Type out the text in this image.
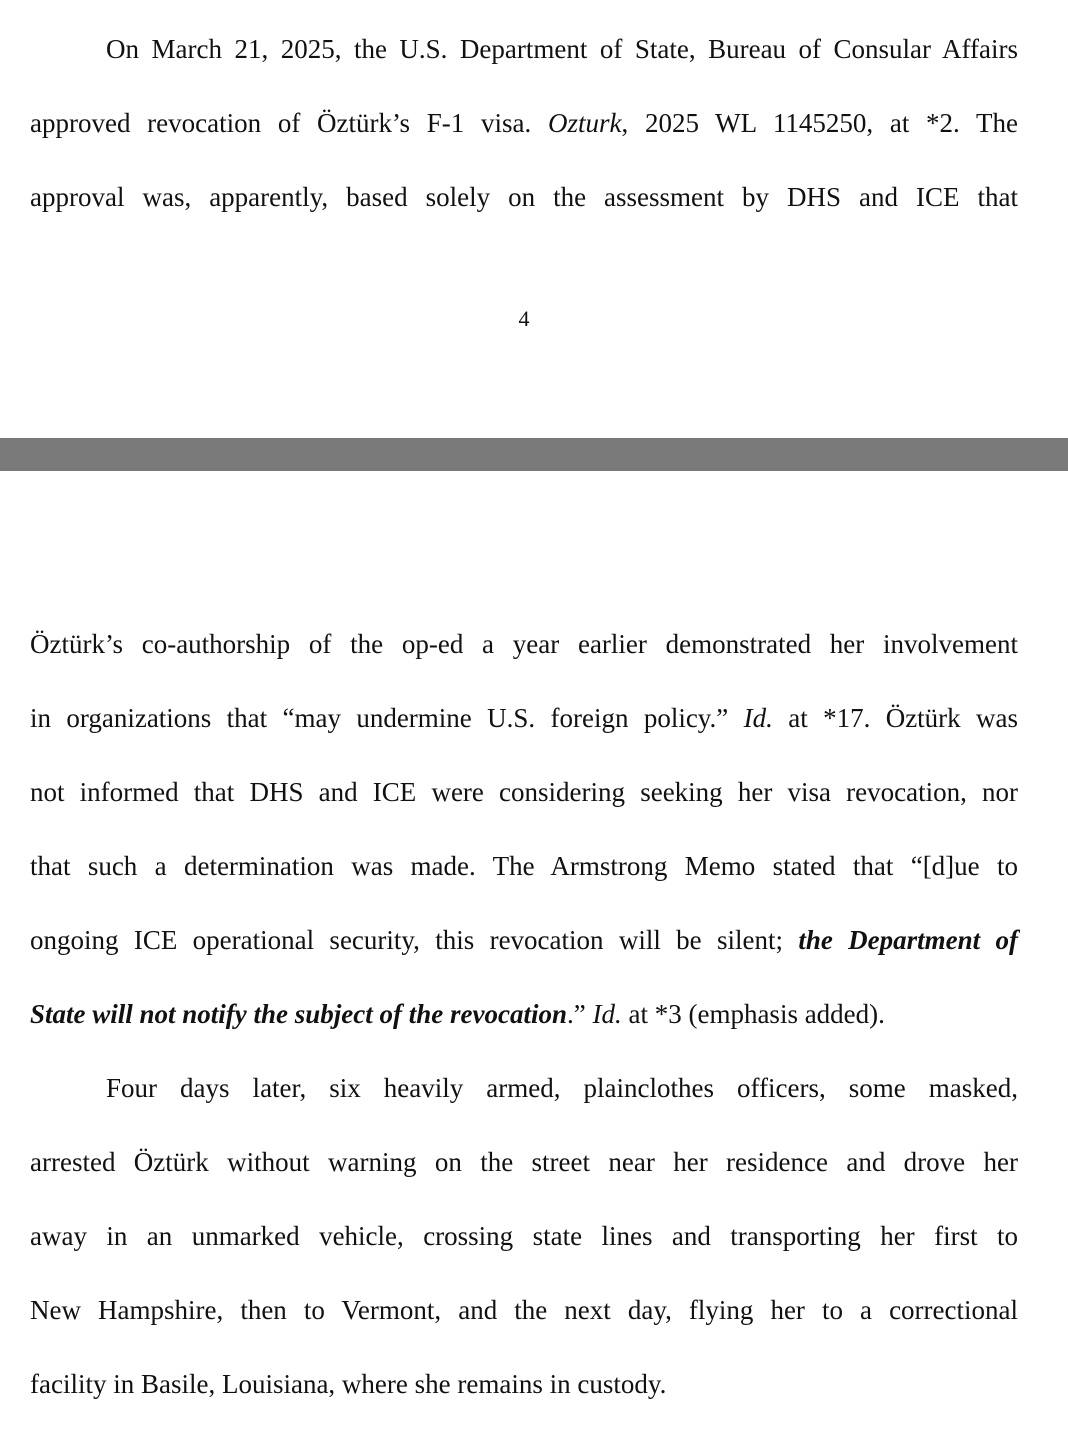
On March 21, 2025, the U.S. Department of State, Bureau of Consular Affairs
approved revocation of Öztürk’s F-1 visa. Ozturk, 2025 WL 1145250, at *2. The
approval was, apparently, based solely on the assessment by DHS and ICE that
4
Öztürk’s co-authorship of the op-ed a year earlier demonstrated her involvement
in organizations that “may undermine U.S. foreign policy.” Id. at *17. Öztürk was
not informed that DHS and ICE were considering seeking her visa revocation, nor
that such a determination was made. The Armstrong Memo stated that “[d]ue to
ongoing ICE operational security, this revocation will be silent; the Department of
State will not notify the subject of the revocation.” Id. at *3 (emphasis added).
Four days later, six heavily armed, plainclothes officers, some masked,
arrested Öztürk without warning on the street near her residence and drove her
away in an unmarked vehicle, crossing state lines and transporting her first to
New Hampshire, then to Vermont, and the next day, flying her to a correctional
facility in Basile, Louisiana, where she remains in custody.
